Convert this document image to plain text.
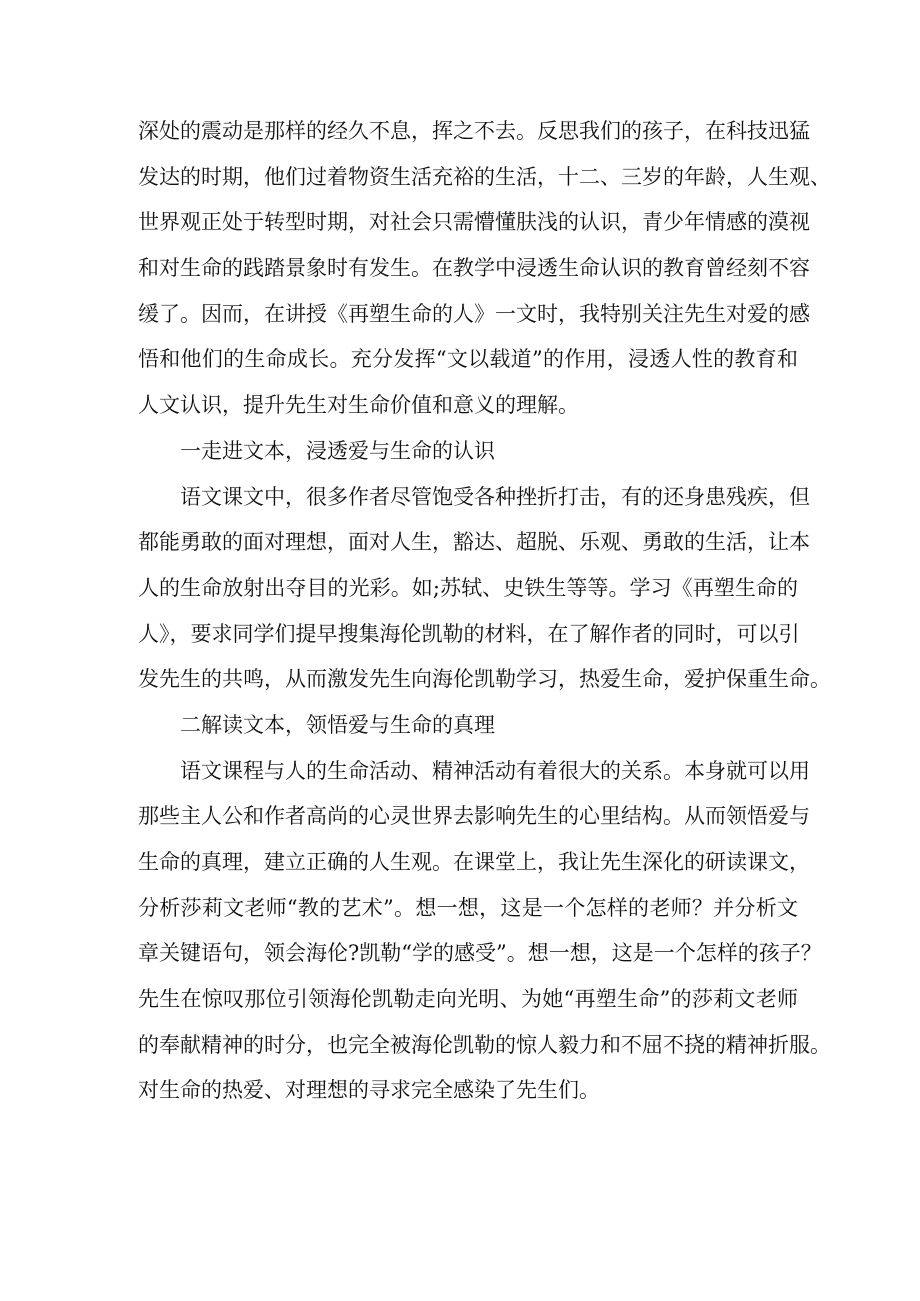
深处的震动是那样的经久不息，挥之不去。反思我们的孩子，在科技迅猛
发达的时期，他们过着物资生活充裕的生活，十二、三岁的年龄，人生观、
世界观正处于转型时期，对社会只需懵懂肤浅的认识，青少年情感的漠视
和对生命的践踏景象时有发生。在教学中浸透生命认识的教育曾经刻不容
缓了。因而，在讲授《再塑生命的人》一文时，我特别关注先生对爱的感
悟和他们的生命成长。充分发挥“文以载道”的作用，浸透人性的教育和
人文认识，提升先生对生命价值和意义的理解。
一走进文本，浸透爱与生命的认识
语文课文中，很多作者尽管饱受各种挫折打击，有的还身患残疾，但
都能勇敢的面对理想，面对人生，豁达、超脱、乐观、勇敢的生活，让本
人的生命放射出夺目的光彩。如;苏轼、史铁生等等。学习《再塑生命的
人》，要求同学们提早搜集海伦凯勒的材料，在了解作者的同时，可以引
发先生的共鸣，从而激发先生向海伦凯勒学习，热爱生命，爱护保重生命。
二解读文本，领悟爱与生命的真理
语文课程与人的生命活动、精神活动有着很大的关系。本身就可以用
那些主人公和作者高尚的心灵世界去影响先生的心里结构。从而领悟爱与
生命的真理，建立正确的人生观。在课堂上，我让先生深化的研读课文，
分析莎莉文老师“教的艺术”。想一想，这是一个怎样的老师？并分析文
章关键语句，领会海伦?凯勒“学的感受”。想一想，这是一个怎样的孩子？
先生在惊叹那位引领海伦凯勒走向光明、为她“再塑生命”的莎莉文老师
的奉献精神的时分，也完全被海伦凯勒的惊人毅力和不屈不挠的精神折服。
对生命的热爱、对理想的寻求完全感染了先生们。
